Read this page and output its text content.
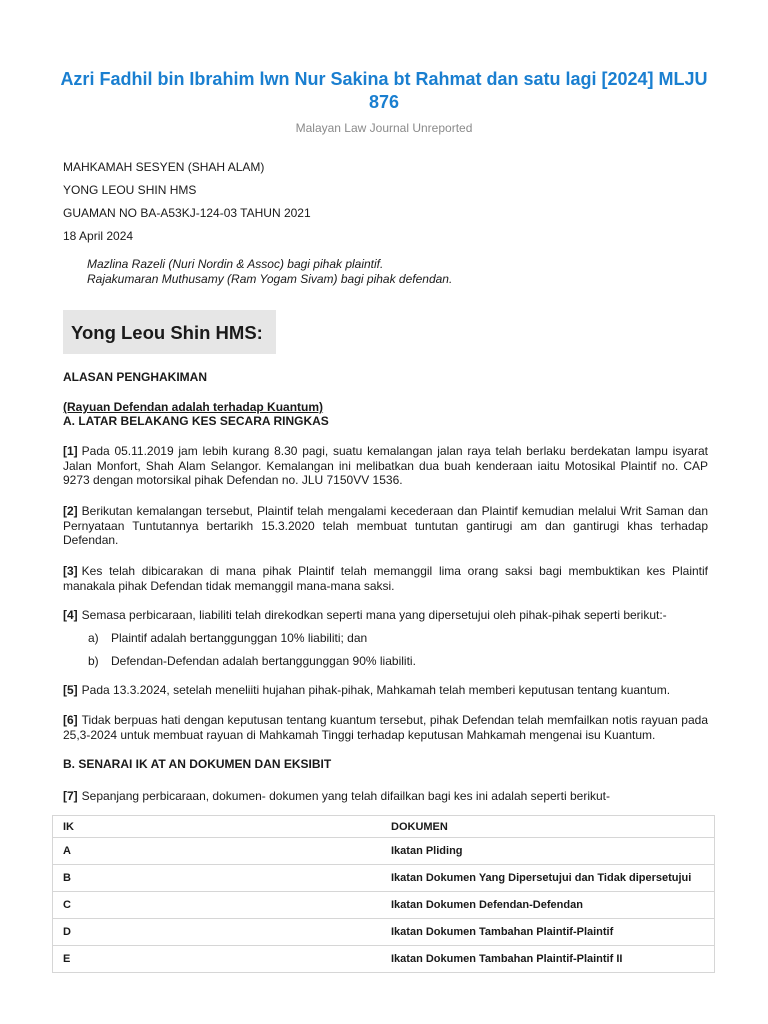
Azri Fadhil bin Ibrahim lwn Nur Sakina bt Rahmat dan satu lagi [2024] MLJU 876
Malayan Law Journal Unreported
MAHKAMAH SESYEN (SHAH ALAM)
YONG LEOU SHIN HMS
GUAMAN NO BA-A53KJ-124-03 TAHUN 2021
18 April 2024
Mazlina Razeli (Nuri Nordin & Assoc) bagi pihak plaintif.
Rajakumaran Muthusamy (Ram Yogam Sivam) bagi pihak defendan.
Yong Leou Shin HMS:
ALASAN PENGHAKIMAN
(Rayuan Defendan adalah terhadap Kuantum)
A. LATAR BELAKANG KES SECARA RINGKAS
[1] Pada 05.11.2019 jam lebih kurang 8.30 pagi, suatu kemalangan jalan raya telah berlaku berdekatan lampu isyarat Jalan Monfort, Shah Alam Selangor. Kemalangan ini melibatkan dua buah kenderaan iaitu Motosikal Plaintif no. CAP 9273 dengan motorsikal pihak Defendan no. JLU 7150VV 1536.
[2] Berikutan kemalangan tersebut, Plaintif telah mengalami kecederaan dan Plaintif kemudian melalui Writ Saman dan Pernyataan Tuntutannya bertarikh 15.3.2020 telah membuat tuntutan gantirugi am dan gantirugi khas terhadap Defendan.
[3] Kes telah dibicarakan di mana pihak Plaintif telah memanggil lima orang saksi bagi membuktikan kes Plaintif manakala pihak Defendan tidak memanggil mana-mana saksi.
[4] Semasa perbicaraan, liabiliti telah direkodkan seperti mana yang dipersetujui oleh pihak-pihak seperti berikut:-
a) Plaintif adalah bertanggunggan 10% liabiliti; dan
b) Defendan-Defendan adalah bertanggunggan 90% liabiliti.
[5] Pada 13.3.2024, setelah meneliiti hujahan pihak-pihak, Mahkamah telah memberi keputusan tentang kuantum.
[6] Tidak berpuas hati dengan keputusan tentang kuantum tersebut, pihak Defendan telah memfailkan notis rayuan pada 25,3-2024 untuk membuat rayuan di Mahkamah Tinggi terhadap keputusan Mahkamah mengenai isu Kuantum.
B. SENARAI IK AT AN DOKUMEN DAN EKSIBIT
[7] Sepanjang perbicaraan, dokumen- dokumen yang telah difailkan bagi kes ini adalah seperti berikut-
IK	DOKUMEN
A	Ikatan Pliding
B	Ikatan Dokumen Yang Dipersetujui dan Tidak dipersetujui
C	Ikatan Dokumen Defendan-Defendan
D	Ikatan Dokumen Tambahan Plaintif-Plaintif
E	Ikatan Dokumen Tambahan Plaintif-Plaintif II
